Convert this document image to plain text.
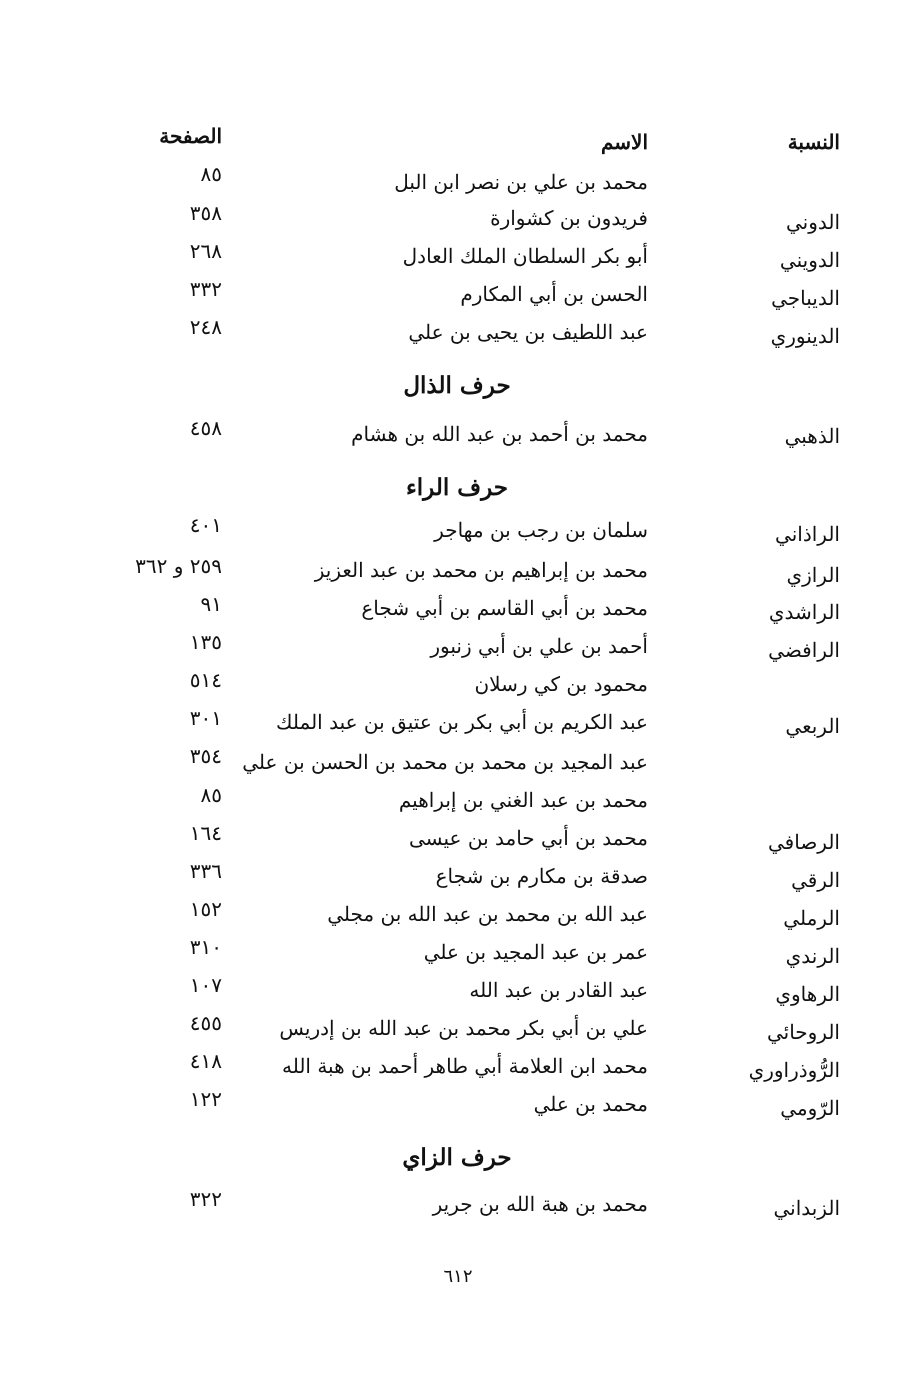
النسبة
الاسم
الصفحة
محمد بن علي بن نصر ابن البل
٨٥
الدوني
فريدون بن كشوارة
٣٥٨
الدويني
أبو بكر السلطان الملك العادل
٢٦٨
الديباجي
الحسن بن أبي المكارم
٣٣٢
الدينوري
عبد اللطيف بن يحيى بن علي
٢٤٨
حرف الذال
الذهبي
محمد بن أحمد بن عبد الله بن هشام
٤٥٨
حرف الراء
الراذاني
سلمان بن رجب بن مهاجر
٤٠١
الرازي
محمد بن إبراهيم بن محمد بن عبد العزيز
٢٥٩ و ٣٦٢
الراشدي
محمد بن أبي القاسم بن أبي شجاع
٩١
الرافضي
أحمد بن علي بن أبي زنبور
١٣٥
محمود بن كي رسلان
٥١٤
الربعي
عبد الكريم بن أبي بكر بن عتيق بن عبد الملك
٣٠١
عبد المجيد بن محمد بن محمد بن الحسن بن علي
٣٥٤
محمد بن عبد الغني بن إبراهيم
٨٥
الرصافي
محمد بن أبي حامد بن عيسى
١٦٤
الرقي
صدقة بن مكارم بن شجاع
٣٣٦
الرملي
عبد الله بن محمد بن عبد الله بن مجلي
١٥٢
الرندي
عمر بن عبد المجيد بن علي
٣١٠
الرهاوي
عبد القادر بن عبد الله
١٠٧
الروحائي
علي بن أبي بكر محمد بن عبد الله بن إدريس
٤٥٥
الرُّوذراوري
محمد ابن العلامة أبي طاهر أحمد بن هبة الله
٤١٨
الرّومي
محمد بن علي
١٢٢
حرف الزاي
الزبداني
محمد بن هبة الله بن جرير
٣٢٢
٦١٢
